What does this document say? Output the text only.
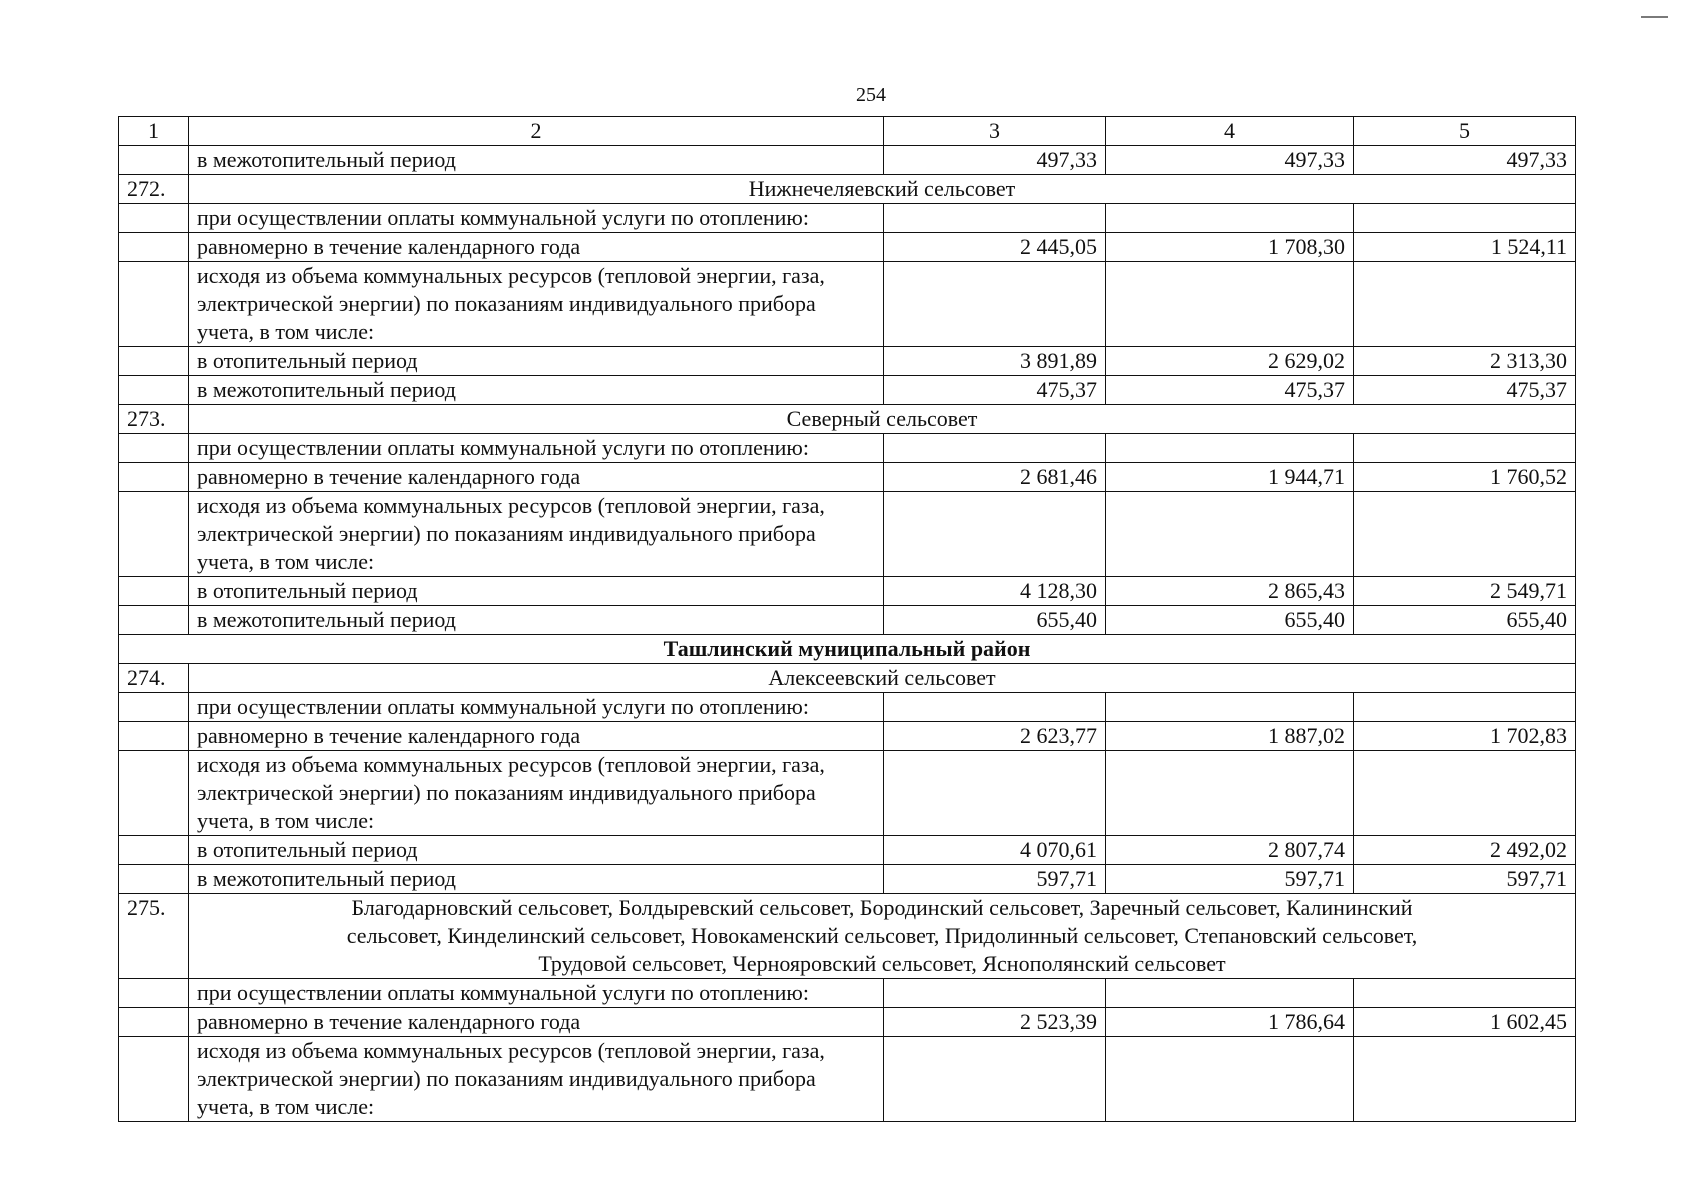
254
1	2	3	4	5
	в межотопительный период	497,33	497,33	497,33
272.	Нижнечеляевский сельсовет			
	при осуществлении оплаты коммунальной услуги по отоплению:			
	равномерно в течение календарного года	2 445,05	1 708,30	1 524,11
	исходя из объема коммунальных ресурсов (тепловой энергии, газа, электрической энергии) по показаниям индивидуального прибора учета, в том числе:			
	в отопительный период	3 891,89	2 629,02	2 313,30
	в межотопительный период	475,37	475,37	475,37
273.	Северный сельсовет			
	при осуществлении оплаты коммунальной услуги по отоплению:			
	равномерно в течение календарного года	2 681,46	1 944,71	1 760,52
	исходя из объема коммунальных ресурсов (тепловой энергии, газа, электрической энергии) по показаниям индивидуального прибора учета, в том числе:			
	в отопительный период	4 128,30	2 865,43	2 549,71
	в межотопительный период	655,40	655,40	655,40
Ташлинский муниципальный район				
274.	Алексеевский сельсовет			
	при осуществлении оплаты коммунальной услуги по отоплению:			
	равномерно в течение календарного года	2 623,77	1 887,02	1 702,83
	исходя из объема коммунальных ресурсов (тепловой энергии, газа, электрической энергии) по показаниям индивидуального прибора учета, в том числе:			
	в отопительный период	4 070,61	2 807,74	2 492,02
	в межотопительный период	597,71	597,71	597,71
275.	Благодарновский сельсовет, Болдыревский сельсовет, Бородинский сельсовет, Заречный сельсовет, Калининский сельсовет, Кинделинский сельсовет, Новокаменский сельсовет, Придолинный сельсовет, Степановский сельсовет, Трудовой сельсовет, Чернояровский сельсовет, Яснополянский сельсовет			
	при осуществлении оплаты коммунальной услуги по отоплению:			
	равномерно в течение календарного года	2 523,39	1 786,64	1 602,45
	исходя из объема коммунальных ресурсов (тепловой энергии, газа, электрической энергии) по показаниям индивидуального прибора учета, в том числе:			
